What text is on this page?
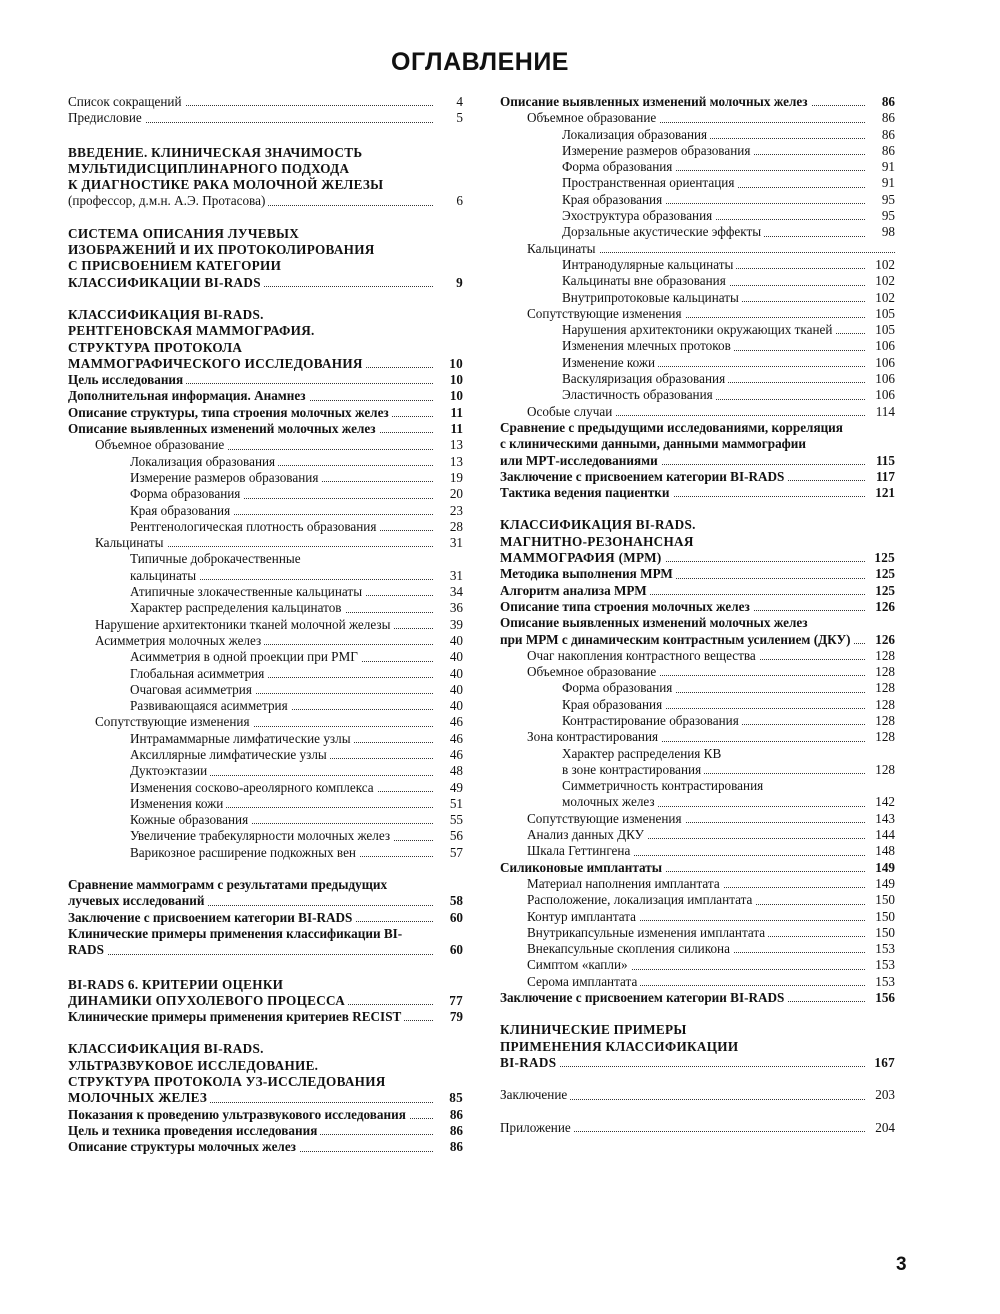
ОГЛАВЛЕНИЕ
Список сокращений	4
Предисловие	5
ВВЕДЕНИЕ. КЛИНИЧЕСКАЯ ЗНАЧИМОСТЬ
МУЛЬТИДИСЦИПЛИНАРНОГО ПОДХОДА
К ДИАГНОСТИКЕ РАКА МОЛОЧНОЙ ЖЕЛЕЗЫ
(профессор, д.м.н. А.Э. Протасова)	6
СИСТЕМА ОПИСАНИЯ ЛУЧЕВЫХ
ИЗОБРАЖЕНИЙ И ИХ ПРОТОКОЛИРОВАНИЯ
С ПРИСВОЕНИЕМ КАТЕГОРИИ
КЛАССИФИКАЦИИ BI-RADS	9
КЛАССИФИКАЦИЯ BI-RADS.
РЕНТГЕНОВСКАЯ МАММОГРАФИЯ.
СТРУКТУРА ПРОТОКОЛА
МАММОГРАФИЧЕСКОГО ИССЛЕДОВАНИЯ	10
Цель исследования	10
Дополнительная информация. Анамнез	10
Описание структуры, типа строения молочных желез	11
Описание выявленных изменений молочных желез	11
Объемное образование	13
Локализация образования	13
Измерение размеров образования	19
Форма образования	20
Края образования	23
Рентгенологическая плотность образования	28
Кальцинаты	31
Типичные доброкачественные
кальцинаты	31
Атипичные злокачественные кальцинаты	34
Характер распределения кальцинатов	36
Нарушение архитектоники тканей молочной железы	39
Асимметрия молочных желез	40
Асимметрия в одной проекции при РМГ	40
Глобальная асимметрия	40
Очаговая асимметрия	40
Развивающаяся асимметрия	40
Сопутствующие изменения	46
Интрамаммарные лимфатические узлы	46
Аксиллярные лимфатические узлы	46
Дуктоэктазии	48
Изменения сосково-ареолярного комплекса	49
Изменения кожи	51
Кожные образования	55
Увеличение трабекулярности молочных желез	56
Варикозное расширение подкожных вен	57
Сравнение маммограмм с результатами предыдущих
лучевых исследований	58
Заключение с присвоением категории BI-RADS	60
Клинические примеры применения классификации BI-RADS	60
BI-RADS 6. КРИТЕРИИ ОЦЕНКИ
ДИНАМИКИ ОПУХОЛЕВОГО ПРОЦЕССА	77
Клинические примеры применения критериев RECIST	79
КЛАССИФИКАЦИЯ BI-RADS.
УЛЬТРАЗВУКОВОЕ ИССЛЕДОВАНИЕ.
СТРУКТУРА ПРОТОКОЛА УЗ-ИССЛЕДОВАНИЯ
МОЛОЧНЫХ ЖЕЛЕЗ	85
Показания к проведению ультразвукового исследования	86
Цель и техника проведения исследования	86
Описание структуры молочных желез	86
Описание выявленных изменений молочных желез	86
Объемное образование	86
Локализация образования	86
Измерение размеров образования	86
Форма образования	91
Пространственная ориентация	91
Края образования	95
Эхоструктура образования	95
Дорзальные акустические эффекты	98
Кальцинаты
Интранодулярные кальцинаты	102
Кальцинаты вне образования	102
Внутрипротоковые кальцинаты	102
Сопутствующие изменения	105
Нарушения архитектоники окружающих тканей	105
Изменения млечных протоков	106
Изменение кожи	106
Васкуляризация образования	106
Эластичность образования	106
Особые случаи	114
Сравнение с предыдущими исследованиями, корреляция
с клиническими данными, данными маммографии
или МРТ-исследованиями	115
Заключение с присвоением категории BI-RADS	117
Тактика ведения пациентки	121
КЛАССИФИКАЦИЯ BI-RADS.
МАГНИТНО-РЕЗОНАНСНАЯ
МАММОГРАФИЯ (МРМ)	125
Методика выполнения МРМ	125
Алгоритм анализа МРМ	125
Описание типа строения молочных желез	126
Описание выявленных изменений молочных желез
при МРМ с динамическим контрастным усилением (ДКУ) 126
Очаг накопления контрастного вещества	128
Объемное образование	128
Форма образования	128
Края образования	128
Контрастирование образования	128
Зона контрастирования	128
Характер распределения КВ
в зоне контрастирования	128
Симметричность контрастирования
молочных желез	142
Сопутствующие изменения	143
Анализ данных ДКУ	144
Шкала Геттингена	148
Силиконовые имплантаты	149
Материал наполнения имплантата	149
Расположение, локализация имплантата	150
Контур имплантата	150
Внутрикапсульные изменения имплантата	150
Внекапсульные скопления силикона	153
Симптом «капли»	153
Серома имплантата	153
Заключение с присвоением категории BI-RADS	156
КЛИНИЧЕСКИЕ ПРИМЕРЫ
ПРИМЕНЕНИЯ КЛАССИФИКАЦИИ
BI-RADS	167
Заключение	203
Приложение	204
3
